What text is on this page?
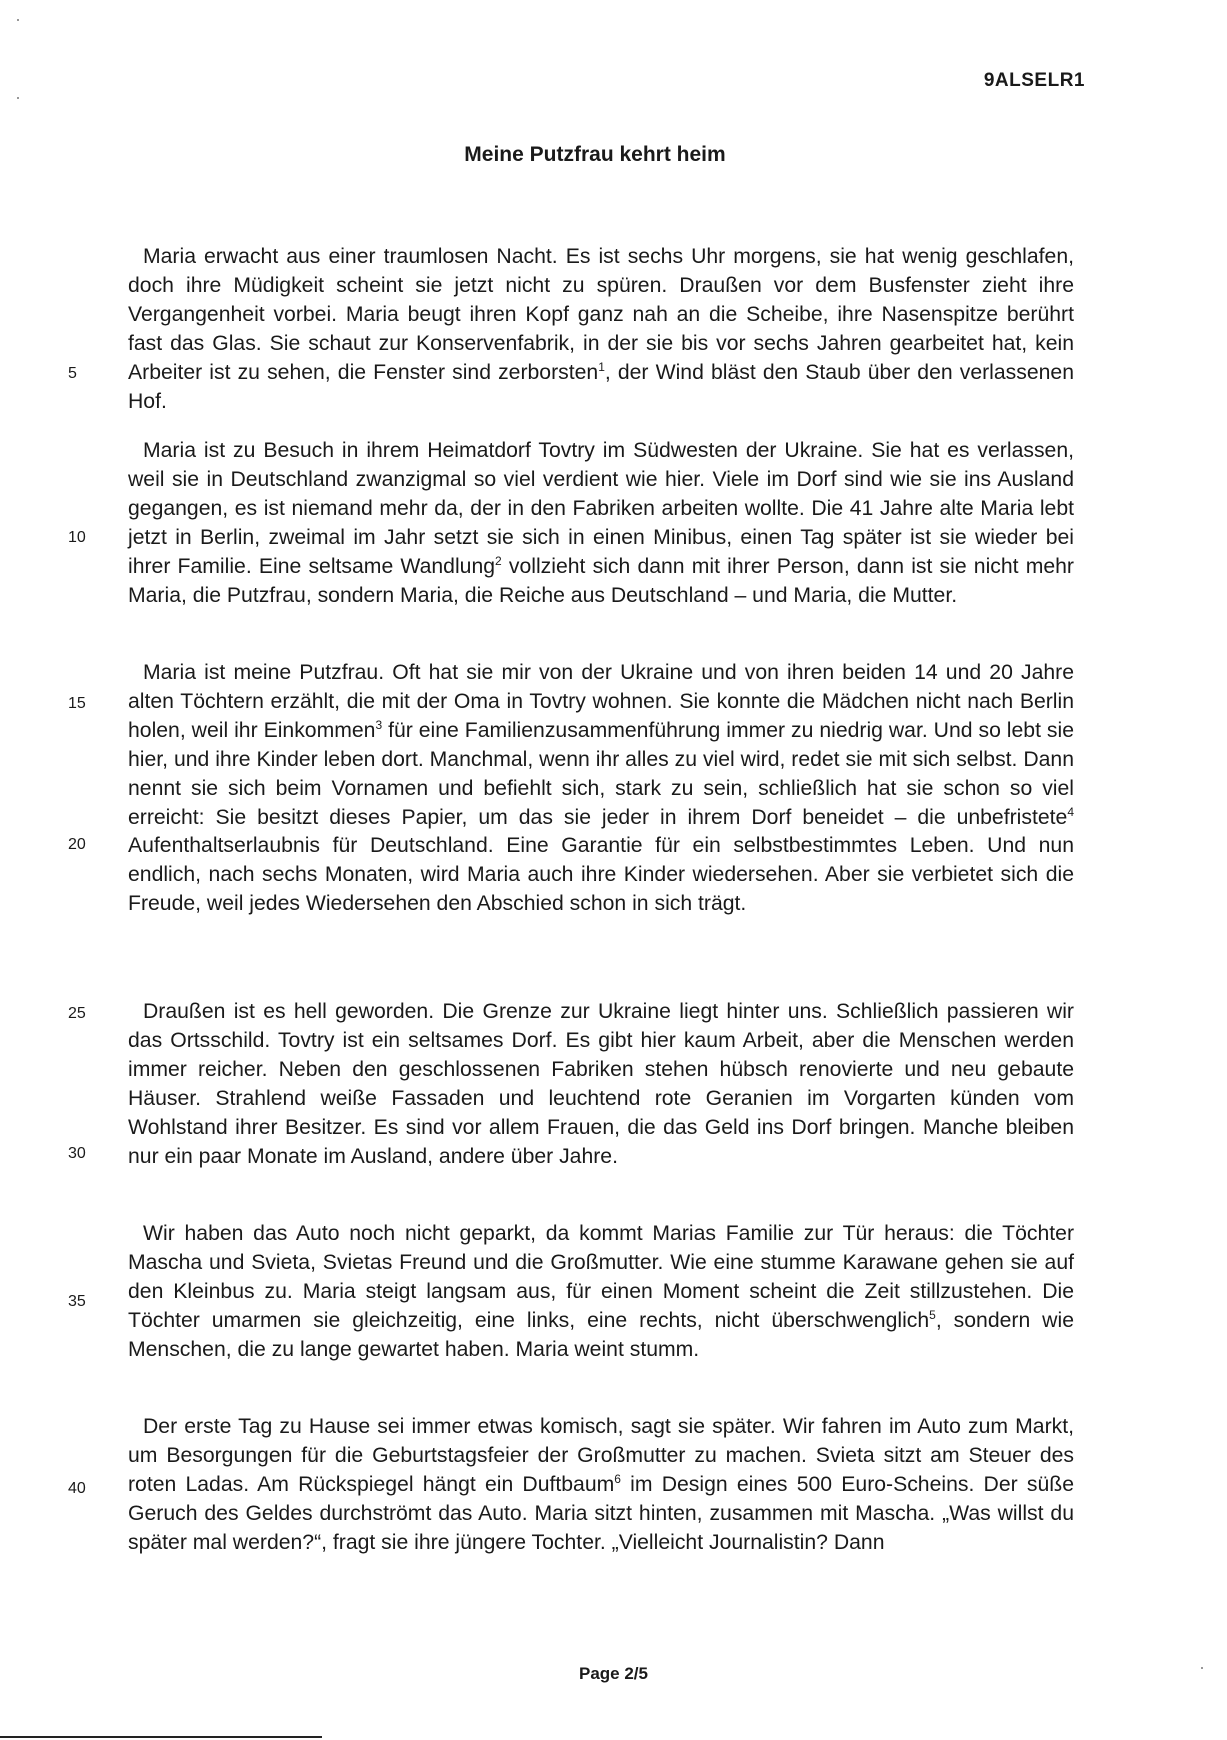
9ALSELR1
Meine Putzfrau kehrt heim

Maria erwacht aus einer traumlosen Nacht. Es ist sechs Uhr morgens, sie hat wenig geschlafen, doch ihre Müdigkeit scheint sie jetzt nicht zu spüren. Draußen vor dem Busfenster zieht ihre Vergangenheit vorbei. Maria beugt ihren Kopf ganz nah an die Scheibe, ihre Nasenspitze berührt fast das Glas. Sie schaut zur Konservenfabrik, in der sie bis vor sechs Jahren gearbeitet hat, kein Arbeiter ist zu sehen, die Fenster sind zerborsten$^1$, der Wind bläst den Staub über den verlassenen Hof.

Maria ist zu Besuch in ihrem Heimatdorf Tovtry im Südwesten der Ukraine. Sie hat es verlassen, weil sie in Deutschland zwanzigmal so viel verdient wie hier. Viele im Dorf sind wie sie ins Ausland gegangen, es ist niemand mehr da, der in den Fabriken arbeiten wollte. Die 41 Jahre alte Maria lebt jetzt in Berlin, zweimal im Jahr setzt sie sich in einen Minibus, einen Tag später ist sie wieder bei ihrer Familie. Eine seltsame Wandlung$^2$ vollzieht sich dann mit ihrer Person, dann ist sie nicht mehr Maria, die Putzfrau, sondern Maria, die Reiche aus Deutschland – und Maria, die Mutter.

Maria ist meine Putzfrau. Oft hat sie mir von der Ukraine und von ihren beiden 14 und 20 Jahre alten Töchtern erzählt, die mit der Oma in Tovtry wohnen. Sie konnte die Mädchen nicht nach Berlin holen, weil ihr Einkommen$^3$ für eine Familienzusammenführung immer zu niedrig war. Und so lebt sie hier, und ihre Kinder leben dort. Manchmal, wenn ihr alles zu viel wird, redet sie mit sich selbst. Dann nennt sie sich beim Vornamen und befiehlt sich, stark zu sein, schließlich hat sie schon so viel erreicht: Sie besitzt dieses Papier, um das sie jeder in ihrem Dorf beneidet – die unbefristete$^4$ Aufenthaltserlaubnis für Deutschland. Eine Garantie für ein selbstbestimmtes Leben. Und nun endlich, nach sechs Monaten, wird Maria auch ihre Kinder wiedersehen. Aber sie verbietet sich die Freude, weil jedes Wiedersehen den Abschied schon in sich trägt.

Draußen ist es hell geworden. Die Grenze zur Ukraine liegt hinter uns. Schließlich passieren wir das Ortsschild. Tovtry ist ein seltsames Dorf. Es gibt hier kaum Arbeit, aber die Menschen werden immer reicher. Neben den geschlossenen Fabriken stehen hübsch renovierte und neu gebaute Häuser. Strahlend weiße Fassaden und leuchtend rote Geranien im Vorgarten künden vom Wohlstand ihrer Besitzer. Es sind vor allem Frauen, die das Geld ins Dorf bringen. Manche bleiben nur ein paar Monate im Ausland, andere über Jahre.

Wir haben das Auto noch nicht geparkt, da kommt Marias Familie zur Tür heraus: die Töchter Mascha und Svieta, Svietas Freund und die Großmutter. Wie eine stumme Karawane gehen sie auf den Kleinbus zu. Maria steigt langsam aus, für einen Moment scheint die Zeit stillzustehen. Die Töchter umarmen sie gleichzeitig, eine links, eine rechts, nicht überschwenglich$^5$, sondern wie Menschen, die zu lange gewartet haben. Maria weint stumm.

Der erste Tag zu Hause sei immer etwas komisch, sagt sie später. Wir fahren im Auto zum Markt, um Besorgungen für die Geburtstagsfeier der Großmutter zu machen. Svieta sitzt am Steuer des roten Ladas. Am Rückspiegel hängt ein Duftbaum$^6$ im Design eines 500 Euro-Scheins. Der süße Geruch des Geldes durchströmt das Auto. Maria sitzt hinten, zusammen mit Mascha. „Was willst du später mal werden?“, fragt sie ihre jüngere Tochter. „Vielleicht Journalistin? Dann

5
10
15
20
25
30
35
40
Page 2/5
